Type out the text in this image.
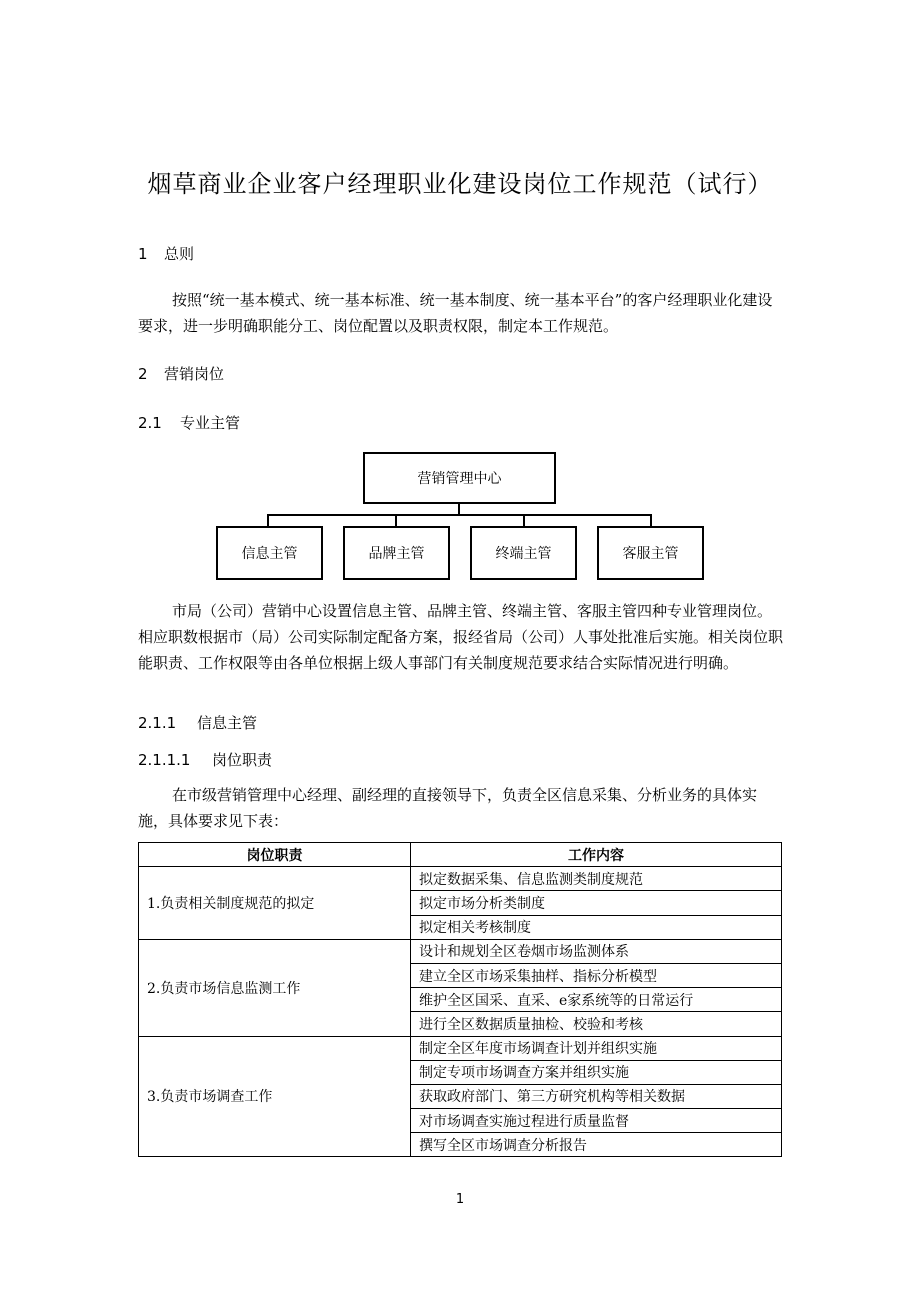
烟草商业企业客户经理职业化建设岗位工作规范（试行）
1 总则
按照“统一基本模式、统一基本标准、统一基本制度、统一基本平台”的客户经理职业化建设要求，进一步明确职能分工、岗位配置以及职责权限，制定本工作规范。
2 营销岗位
2.1 专业主管
营销管理中心
信息主管	品牌主管	终端主管	客服主管
市局（公司）营销中心设置信息主管、品牌主管、终端主管、客服主管四种专业管理岗位。相应职数根据市（局）公司实际制定配备方案，报经省局（公司）人事处批准后实施。相关岗位职能职责、工作权限等由各单位根据上级人事部门有关制度规范要求结合实际情况进行明确。
2.1.1 信息主管
2.1.1.1 岗位职责
在市级营销管理中心经理、副经理的直接领导下，负责全区信息采集、分析业务的具体实施，具体要求见下表：
岗位职责	工作内容
1.负责相关制度规范的拟定	拟定数据采集、信息监测类制度规范
	拟定市场分析类制度
	拟定相关考核制度
2.负责市场信息监测工作	设计和规划全区卷烟市场监测体系
	建立全区市场采集抽样、指标分析模型
	维护全区国采、直采、e家系统等的日常运行
	进行全区数据质量抽检、校验和考核
3.负责市场调查工作	制定全区年度市场调查计划并组织实施
	制定专项市场调查方案并组织实施
	获取政府部门、第三方研究机构等相关数据
	对市场调查实施过程进行质量监督
	撰写全区市场调查分析报告
1
